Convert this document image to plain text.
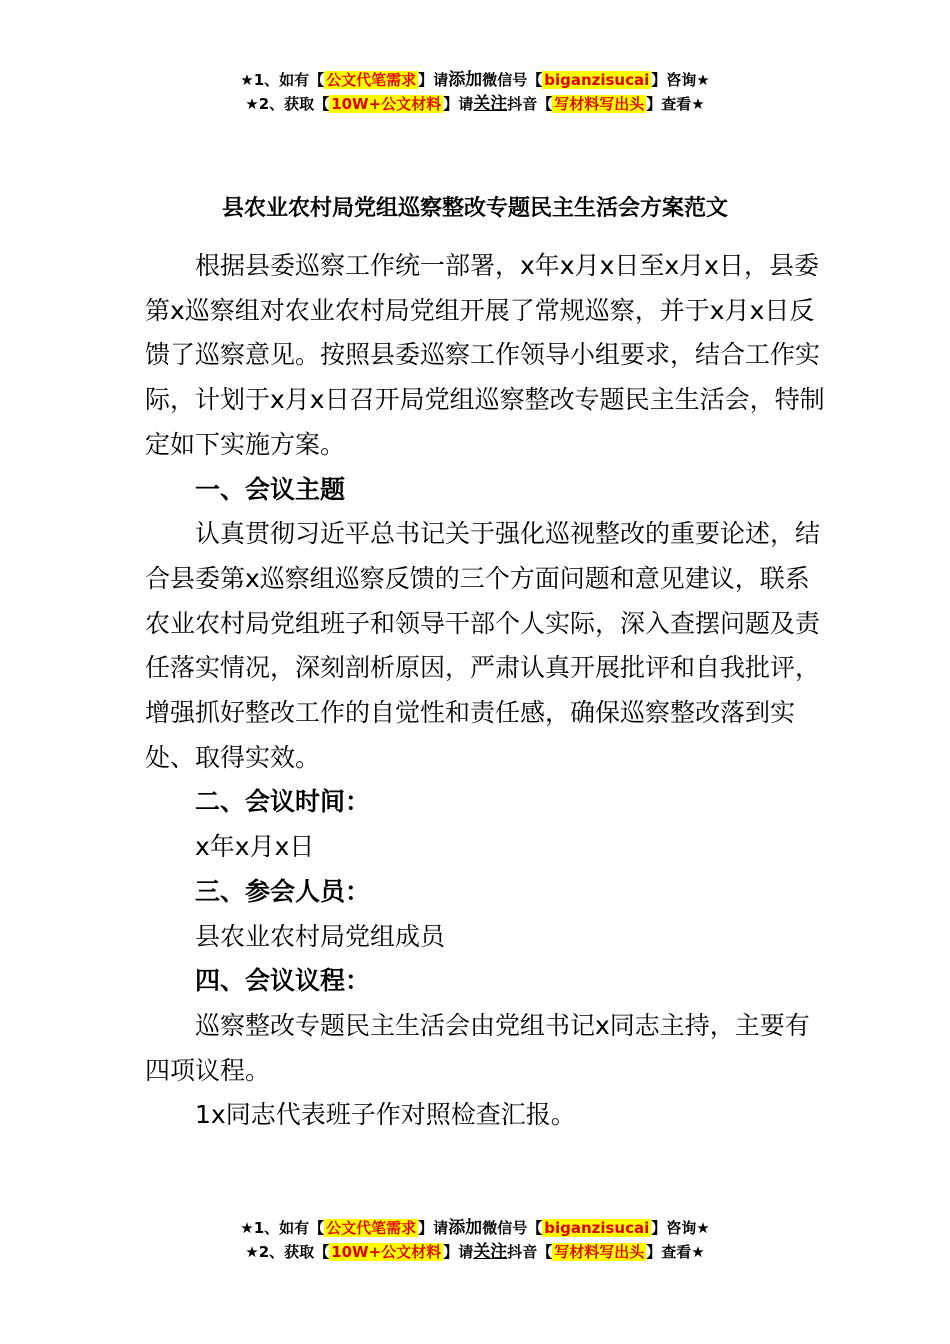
★1、如有【 公文代笔需求 】请添加微信号【 biganzisucai 】咨询★
★2、获取【 10W+公文材料 】请关注抖音【 写材料写出头 】查看★
县农业农村局党组巡察整改专题民主生活会方案范文

根据县委巡察工作统一部署，x年x月x日至x月x日，县委第x巡察组对农业农村局党组开展了常规巡察，并于x月x日反馈了巡察意见。按照县委巡察工作领导小组要求，结合工作实际，计划于x月x日召开局党组巡察整改专题民主生活会，特制定如下实施方案。

一、会议主题

认真贯彻习近平总书记关于强化巡视整改的重要论述，结合县委第x巡察组巡察反馈的三个方面问题和意见建议，联系农业农村局党组班子和领导干部个人实际，深入查摆问题及责任落实情况，深刻剖析原因，严肃认真开展批评和自我批评，增强抓好整改工作的自觉性和责任感，确保巡察整改落到实处、取得实效。

二、会议时间：

x年x月x日

三、参会人员：

县农业农村局党组成员

四、会议议程：

巡察整改专题民主生活会由党组书记x同志主持，主要有四项议程。

1x同志代表班子作对照检查汇报。

★1、如有【 公文代笔需求 】请添加微信号【 biganzisucai 】咨询★
★2、获取【 10W+公文材料 】请关注抖音【 写材料写出头 】查看★
